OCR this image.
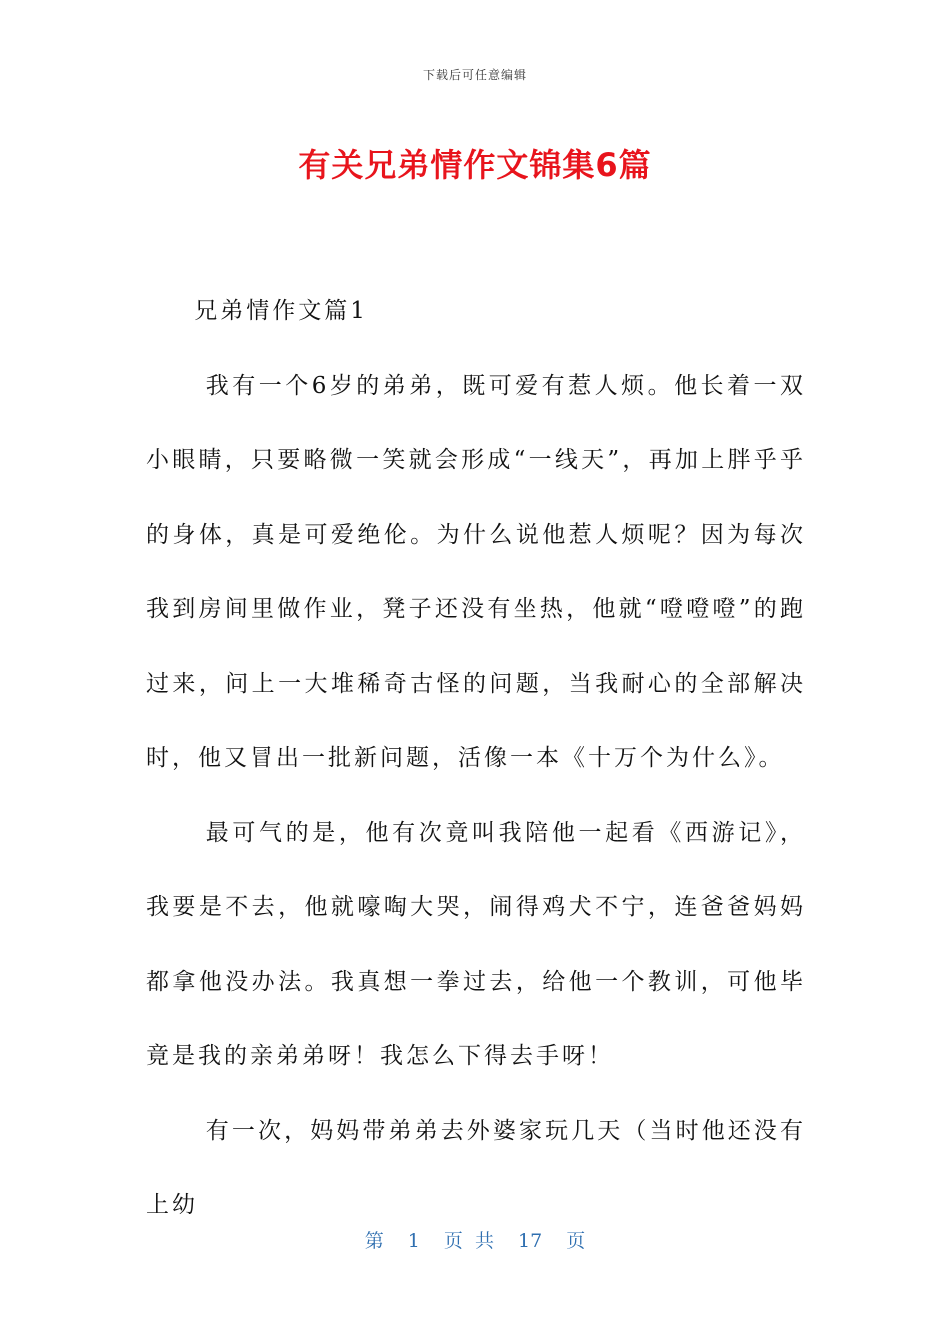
下载后可任意编辑
有关兄弟情作文锦集6篇

兄弟情作文篇1

我有一个6岁的弟弟，既可爱有惹人烦。他长着一双小眼睛，只要略微一笑就会形成“一线天”，再加上胖乎乎的身体，真是可爱绝伦。为什么说他惹人烦呢？因为每次我到房间里做作业，凳子还没有坐热，他就“噔噔噔”的跑过来，问上一大堆稀奇古怪的问题，当我耐心的全部解决时，他又冒出一批新问题，活像一本《十万个为什么》。

最可气的是，他有次竟叫我陪他一起看《西游记》，我要是不去，他就嚎啕大哭，闹得鸡犬不宁，连爸爸妈妈都拿他没办法。我真想一拳过去，给他一个教训，可他毕竟是我的亲弟弟呀！我怎么下得去手呀！

有一次，妈妈带弟弟去外婆家玩几天（当时他还没有上幼

第 1 页 共 17 页
